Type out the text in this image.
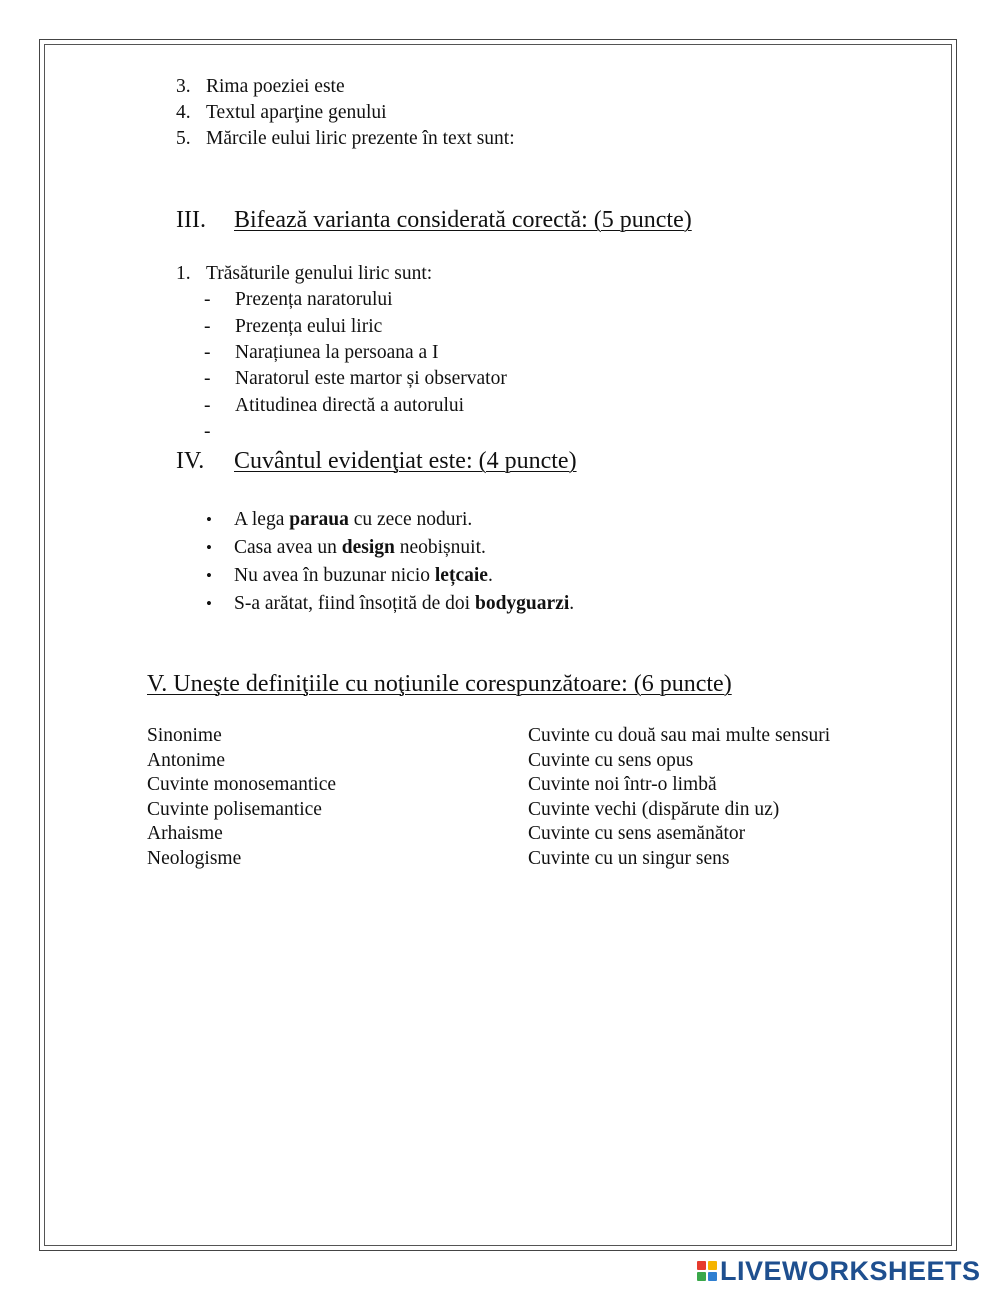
3. Rima poeziei este
4. Textul aparţine genului
5. Mărcile eului liric prezente în text sunt:
III. Bifează varianta considerată corectă: (5 puncte)
1. Trăsăturile genului liric sunt:
- Prezența naratorului
- Prezența eului liric
- Narațiunea la persoana a I
- Naratorul este martor și observator
- Atitudinea directă a autorului
-
IV. Cuvântul evidenţiat este: (4 puncte)
• A lega paraua cu zece noduri.
• Casa avea un design neobișnuit.
• Nu avea în buzunar nicio lețcaie.
• S-a arătat, fiind însoțită de doi bodyguarzi.
V. Uneşte definiţiile cu noţiunile corespunzătoare: (6 puncte)
Sinonime
Antonime
Cuvinte monosemantice
Cuvinte polisemantice
Arhaisme
Neologisme
Cuvinte cu două sau mai multe sensuri
Cuvinte cu sens opus
Cuvinte noi într-o limbă
Cuvinte vechi (dispărute din uz)
Cuvinte cu sens asemănător
Cuvinte cu un singur sens
LIVEWORKSHEETS
